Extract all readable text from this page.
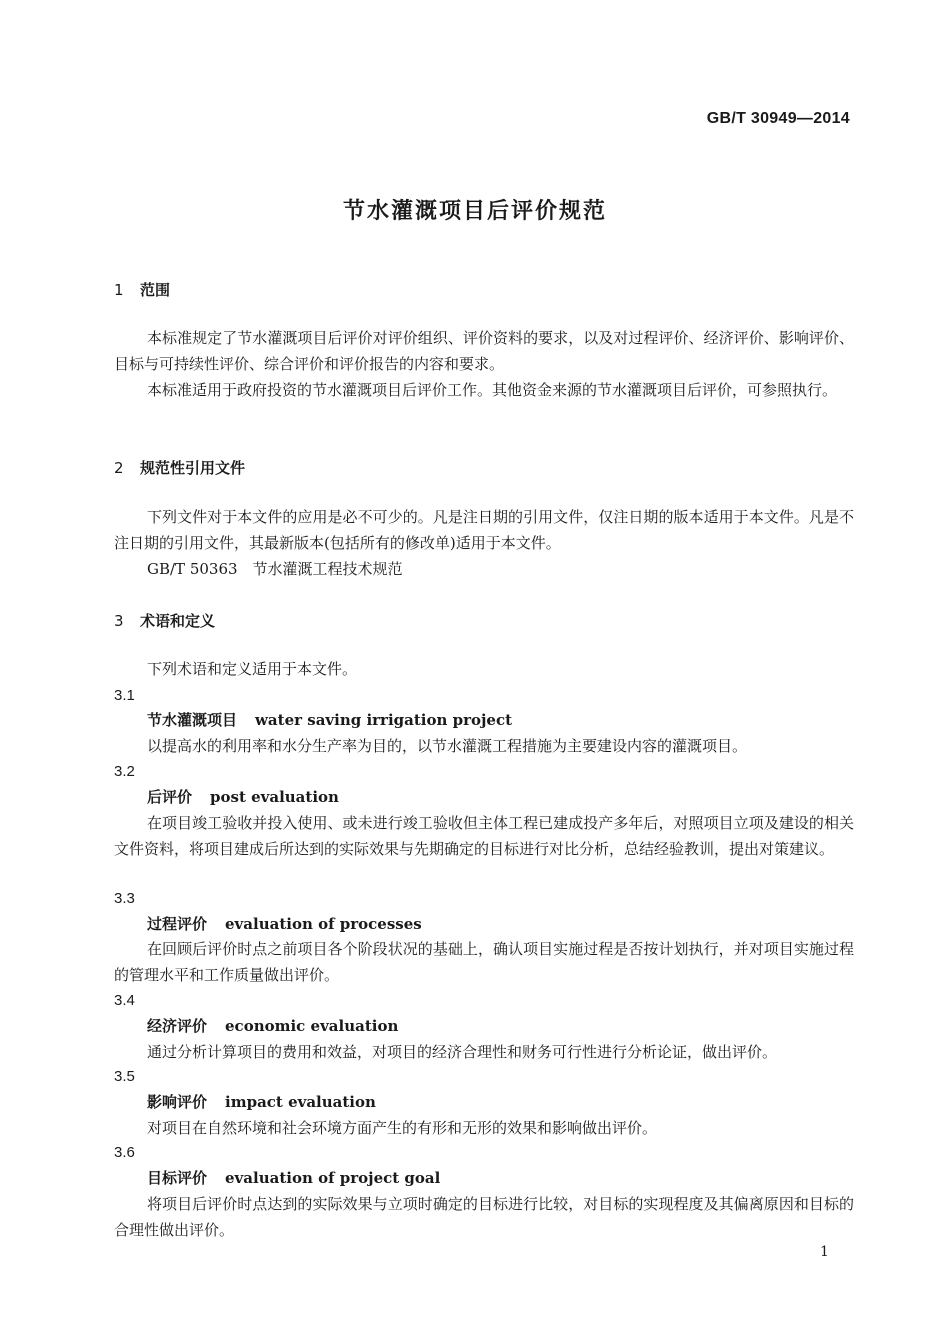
GB/T 30949—2014
节水灌溉项目后评价规范
1 范围
本标准规定了节水灌溉项目后评价对评价组织、评价资料的要求，以及对过程评价、经济评价、影响评价、目标与可持续性评价、综合评价和评价报告的内容和要求。
本标准适用于政府投资的节水灌溉项目后评价工作。其他资金来源的节水灌溉项目后评价，可参照执行。
2 规范性引用文件
下列文件对于本文件的应用是必不可少的。凡是注日期的引用文件，仅注日期的版本适用于本文件。凡是不注日期的引用文件，其最新版本(包括所有的修改单)适用于本文件。
GB/T 50363　节水灌溉工程技术规范
3 术语和定义
下列术语和定义适用于本文件。
3.1
节水灌溉项目 water saving irrigation project
以提高水的利用率和水分生产率为目的，以节水灌溉工程措施为主要建设内容的灌溉项目。
3.2
后评价 post evaluation
在项目竣工验收并投入使用、或未进行竣工验收但主体工程已建成投产多年后，对照项目立项及建设的相关文件资料，将项目建成后所达到的实际效果与先期确定的目标进行对比分析，总结经验教训，提出对策建议。
3.3
过程评价 evaluation of processes
在回顾后评价时点之前项目各个阶段状况的基础上，确认项目实施过程是否按计划执行，并对项目实施过程的管理水平和工作质量做出评价。
3.4
经济评价 economic evaluation
通过分析计算项目的费用和效益，对项目的经济合理性和财务可行性进行分析论证，做出评价。
3.5
影响评价 impact evaluation
对项目在自然环境和社会环境方面产生的有形和无形的效果和影响做出评价。
3.6
目标评价 evaluation of project goal
将项目后评价时点达到的实际效果与立项时确定的目标进行比较，对目标的实现程度及其偏离原因和目标的合理性做出评价。
1
